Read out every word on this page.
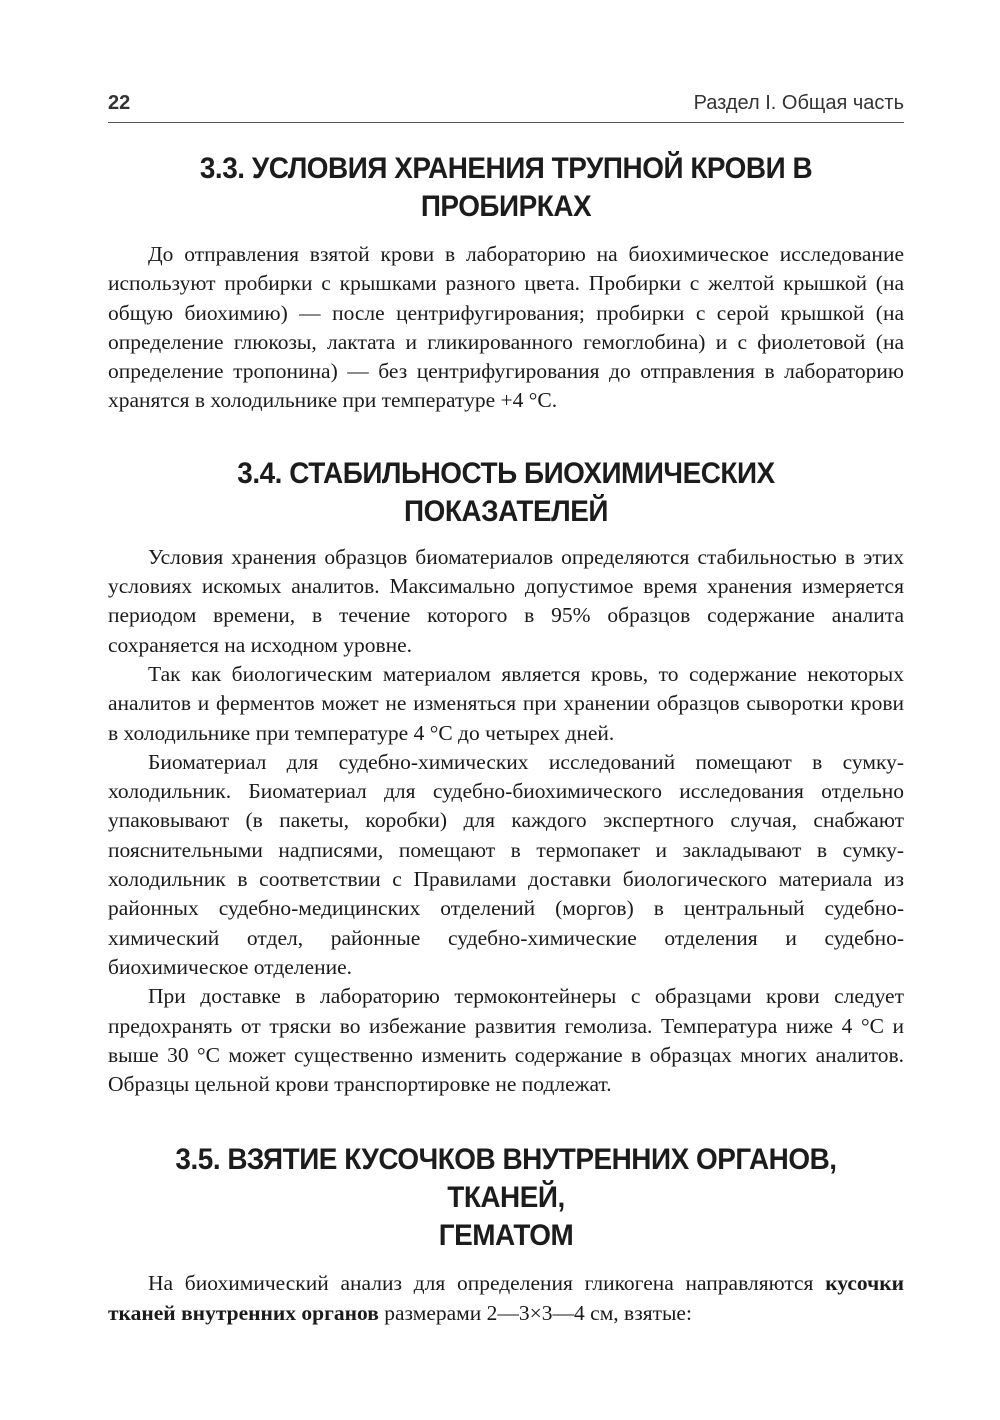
22	Раздел I. Общая часть
3.3. УСЛОВИЯ ХРАНЕНИЯ ТРУПНОЙ КРОВИ В ПРОБИРКАХ

До отправления взятой крови в лабораторию на биохимическое исследование используют пробирки с крышками разного цвета. Пробирки с желтой крышкой (на общую биохимию) — после центрифугирования; пробирки с серой крышкой (на определение глюкозы, лактата и гликированного гемоглобина) и с фиолетовой (на определение тропонина) — без центрифугирования до отправления в лабораторию хранятся в холодильнике при температуре +4 °С.

3.4. СТАБИЛЬНОСТЬ БИОХИМИЧЕСКИХ ПОКАЗАТЕЛЕЙ

Условия хранения образцов биоматериалов определяются стабильностью в этих условиях искомых аналитов. Максимально допустимое время хранения измеряется периодом времени, в течение которого в 95% образцов содержание аналита сохраняется на исходном уровне.

Так как биологическим материалом является кровь, то содержание некоторых аналитов и ферментов может не изменяться при хранении образцов сыворотки крови в холодильнике при температуре 4 °С до четырех дней.

Биоматериал для судебно-химических исследований помещают в сумку-холодильник. Биоматериал для судебно-биохимического исследования отдельно упаковывают (в пакеты, коробки) для каждого экспертного случая, снабжают пояснительными надписями, помещают в термопакет и закладывают в сумку-холодильник в соответствии с Правилами доставки биологического материала из районных судебно-медицинских отделений (моргов) в центральный судебно-химический отдел, районные судебно-химические отделения и судебно-биохимическое отделение.

При доставке в лабораторию термоконтейнеры с образцами крови следует предохранять от тряски во избежание развития гемолиза. Температура ниже 4 °С и выше 30 °С может существенно изменить содержание в образцах многих аналитов. Образцы цельной крови транспортировке не подлежат.

3.5. ВЗЯТИЕ КУСОЧКОВ ВНУТРЕННИХ ОРГАНОВ, ТКАНЕЙ,
ГЕМАТОМ

На биохимический анализ для определения гликогена направляются кусочки тканей внутренних органов размерами 2—3×3—4 см, взятые:
